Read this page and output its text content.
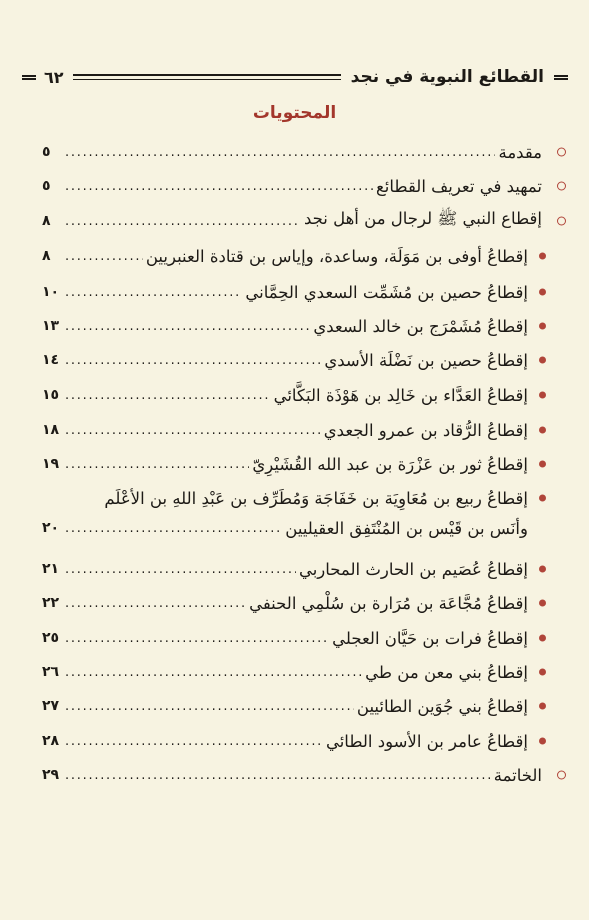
٦٢	القطائع النبوية في نجد
المحتويات
مقدمة
. . .
٥
تمهيد في تعريف القطائع
. . .
٥
إقطاع النبي ﷺ لرجال من أهل نجد
. . .
٨
إقطاعُ أوفى بن مَوَلَة، وساعدة، وإياس بن قتادة العنبريين
. . .
٨
إقطاعُ حصين بن مُشَمِّت السعدي الحِمَّاني
. . .
١٠
إقطاعُ مُشَمْرَج بن خالد السعدي
. . .
١٣
إقطاعُ حصين بن نَضْلَة الأسدي
. . .
١٤
إقطاعُ العَدَّاء بن خَالِد بن هَوْذَة البَكَّائي
. . .
١٥
إقطاعُ الرُّقاد بن عمرو الجعدي
. . .
١٨
إقطاعُ ثور بن عَزْرَة بن عبد الله القُشَيْرِيّ
. . .
١٩
إقطاعُ ربيع بن مُعَاوِيَة بن خَفَاجَة وَمُطَرِّف بن عَبْدِ اللهِ بن الأعْلَم
وأنَس بن قَيْس بن المُنْتَفِق العقيليين
. . .
٢٠
إقطاعُ عُصَيم بن الحارث المحاربي
. . .
٢١
إقطاعُ مُجَّاعَة بن مُرَارة بن سُلْمِي الحنفي
. . .
٢٢
إقطاعُ فرات بن حَيَّان العجلي
. . .
٢٥
إقطاعُ بني معن من طي
. . .
٢٦
إقطاعُ بني جُوَين الطائيين
. . .
٢٧
إقطاعُ عامر بن الأسود الطائي
. . .
٢٨
الخاتمة
. . .
٢٩
